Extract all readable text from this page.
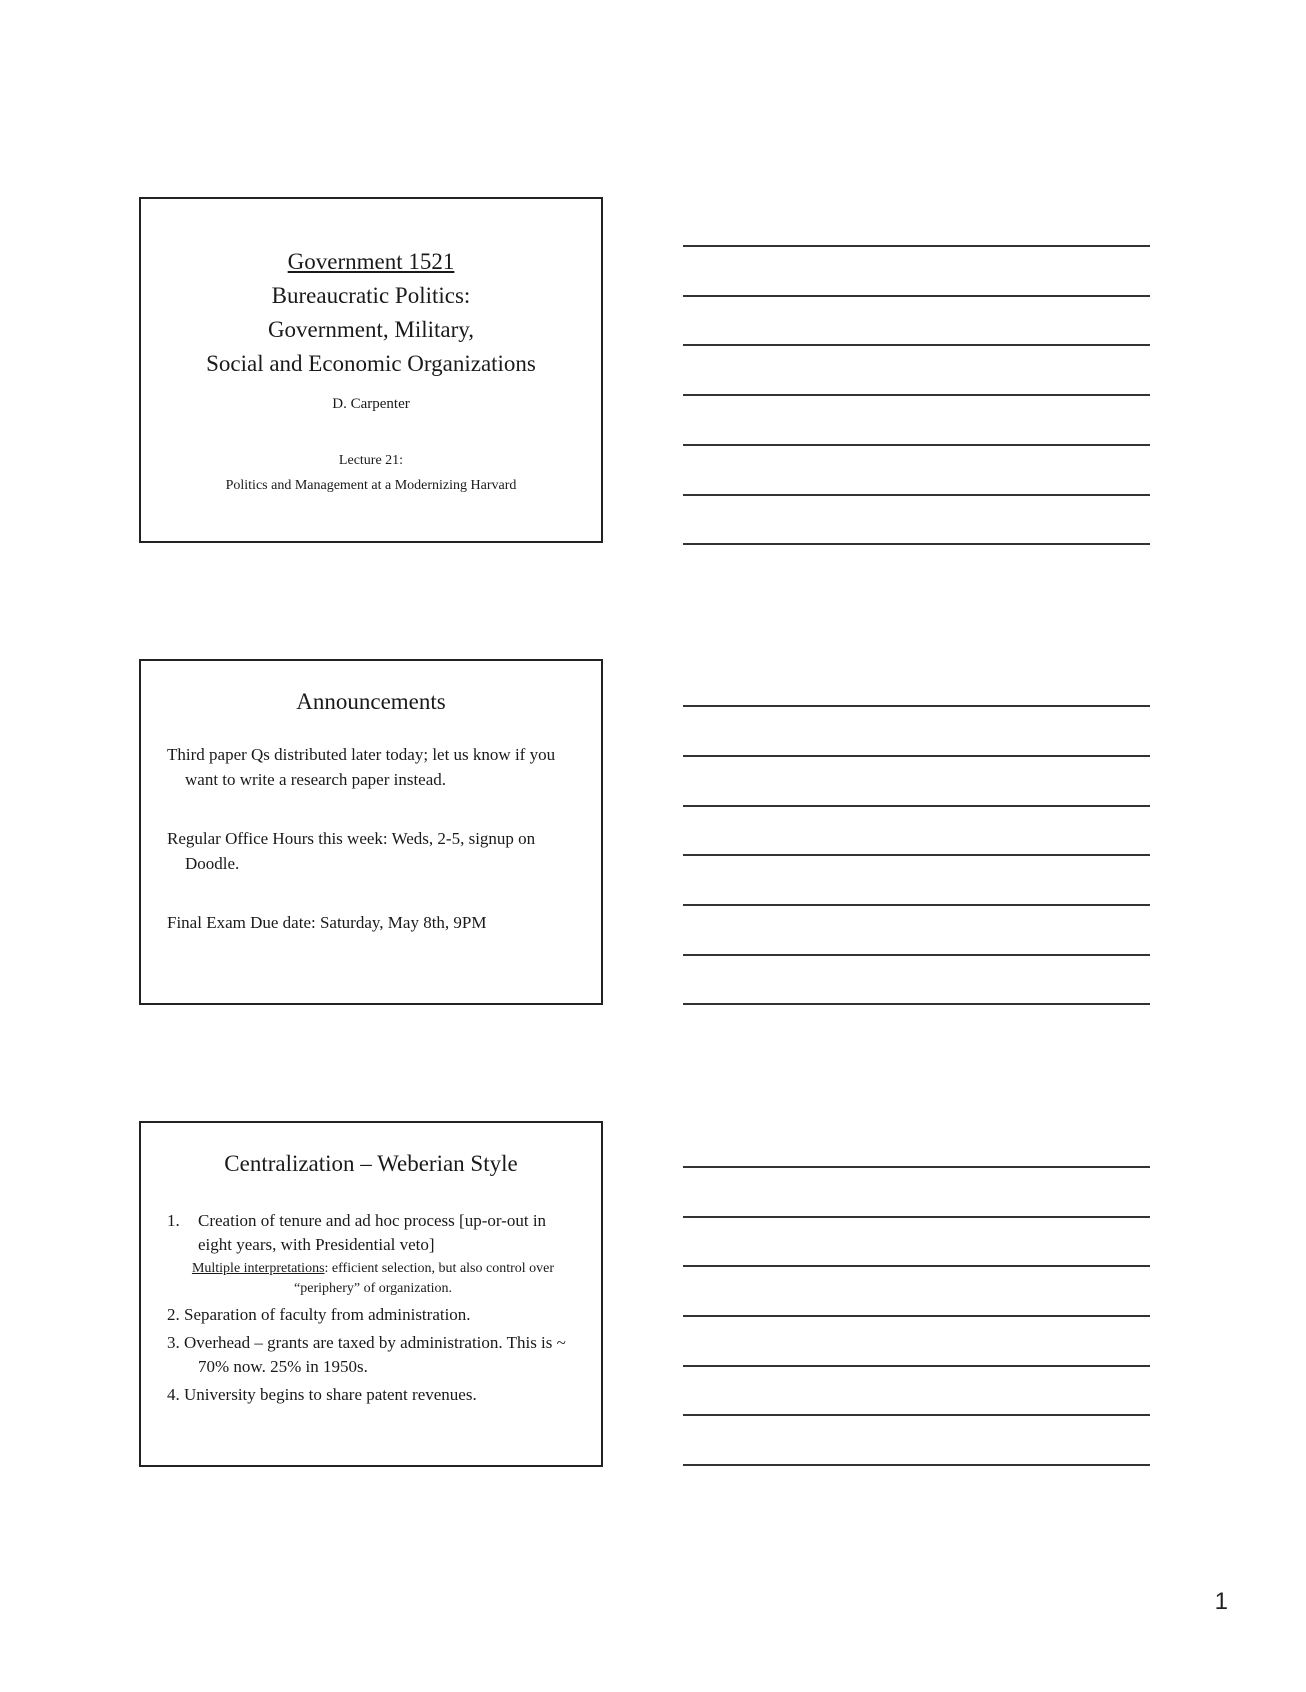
Government 1521
Bureaucratic Politics:
Government, Military,
Social and Economic Organizations
D. Carpenter
Lecture 21:
Politics and Management at a Modernizing Harvard
Announcements
Third paper Qs distributed later today; let us know if you want to write a research paper instead.
Regular Office Hours this week: Weds, 2-5, signup on Doodle.
Final Exam Due date: Saturday, May 8th, 9PM
Centralization – Weberian Style
1.	Creation of tenure and ad hoc process [up-or-out in eight years, with Presidential veto]
Multiple interpretations: efficient selection, but also control over “periphery” of organization.
2. Separation of faculty from administration.
3. Overhead – grants are taxed by administration. This is ~ 70% now. 25% in 1950s.
4. University begins to share patent revenues.
1
